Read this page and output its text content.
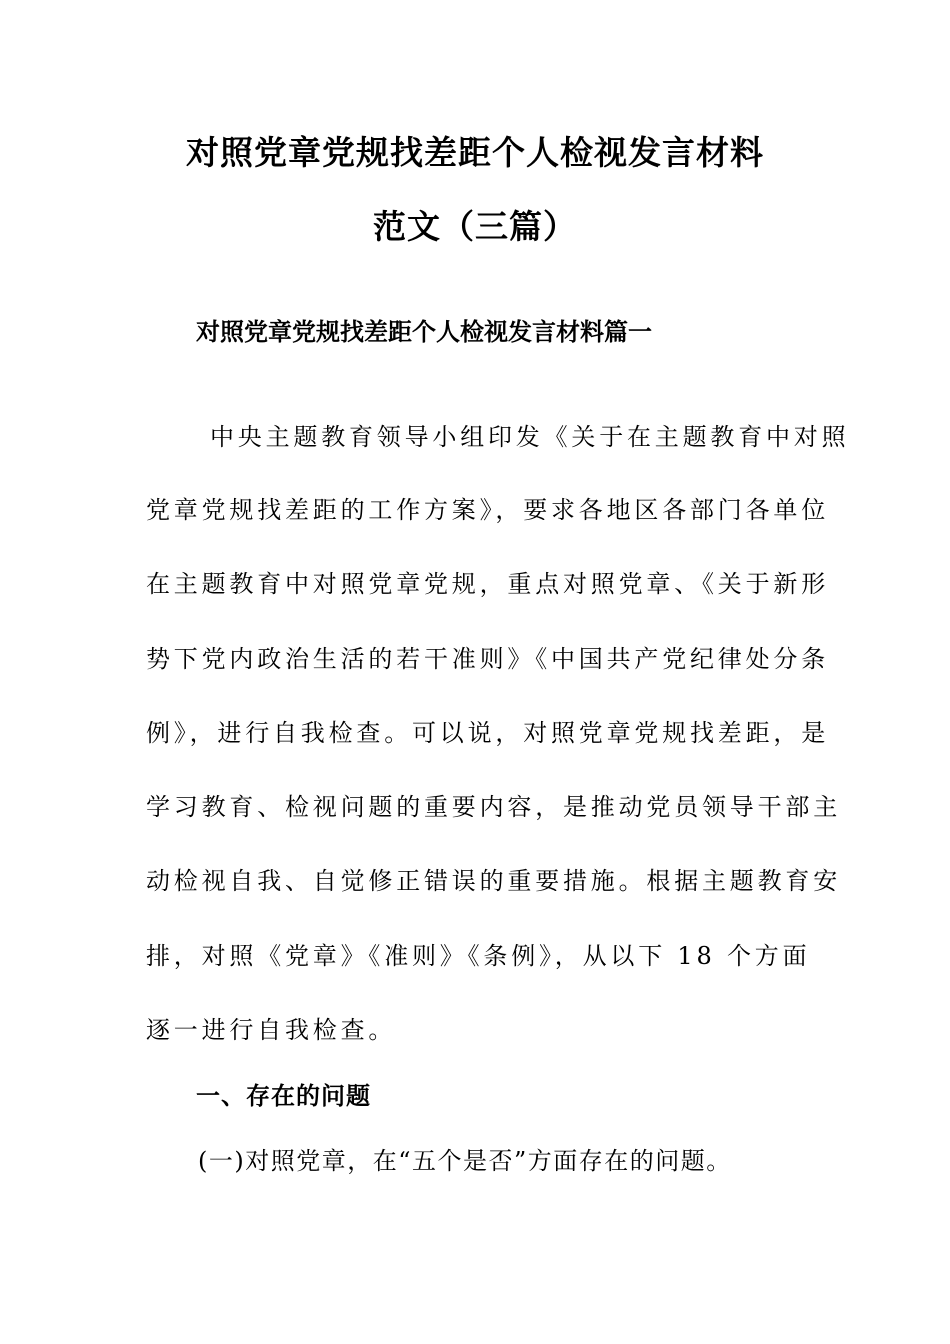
对照党章党规找差距个人检视发言材料
范文（三篇）
对照党章党规找差距个人检视发言材料篇一
中央主题教育领导小组印发《关于在主题教育中对照
党章党规找差距的工作方案》，要求各地区各部门各单位
在主题教育中对照党章党规，重点对照党章、《关于新形
势下党内政治生活的若干准则》《中国共产党纪律处分条
例》，进行自我检查。可以说，对照党章党规找差距，是
学习教育、检视问题的重要内容，是推动党员领导干部主
动检视自我、自觉修正错误的重要措施。根据主题教育安
排，对照《党章》《准则》《条例》，从以下 18 个方面
逐一进行自我检查。
一、存在的问题
(一)对照党章，在“五个是否”方面存在的问题。
